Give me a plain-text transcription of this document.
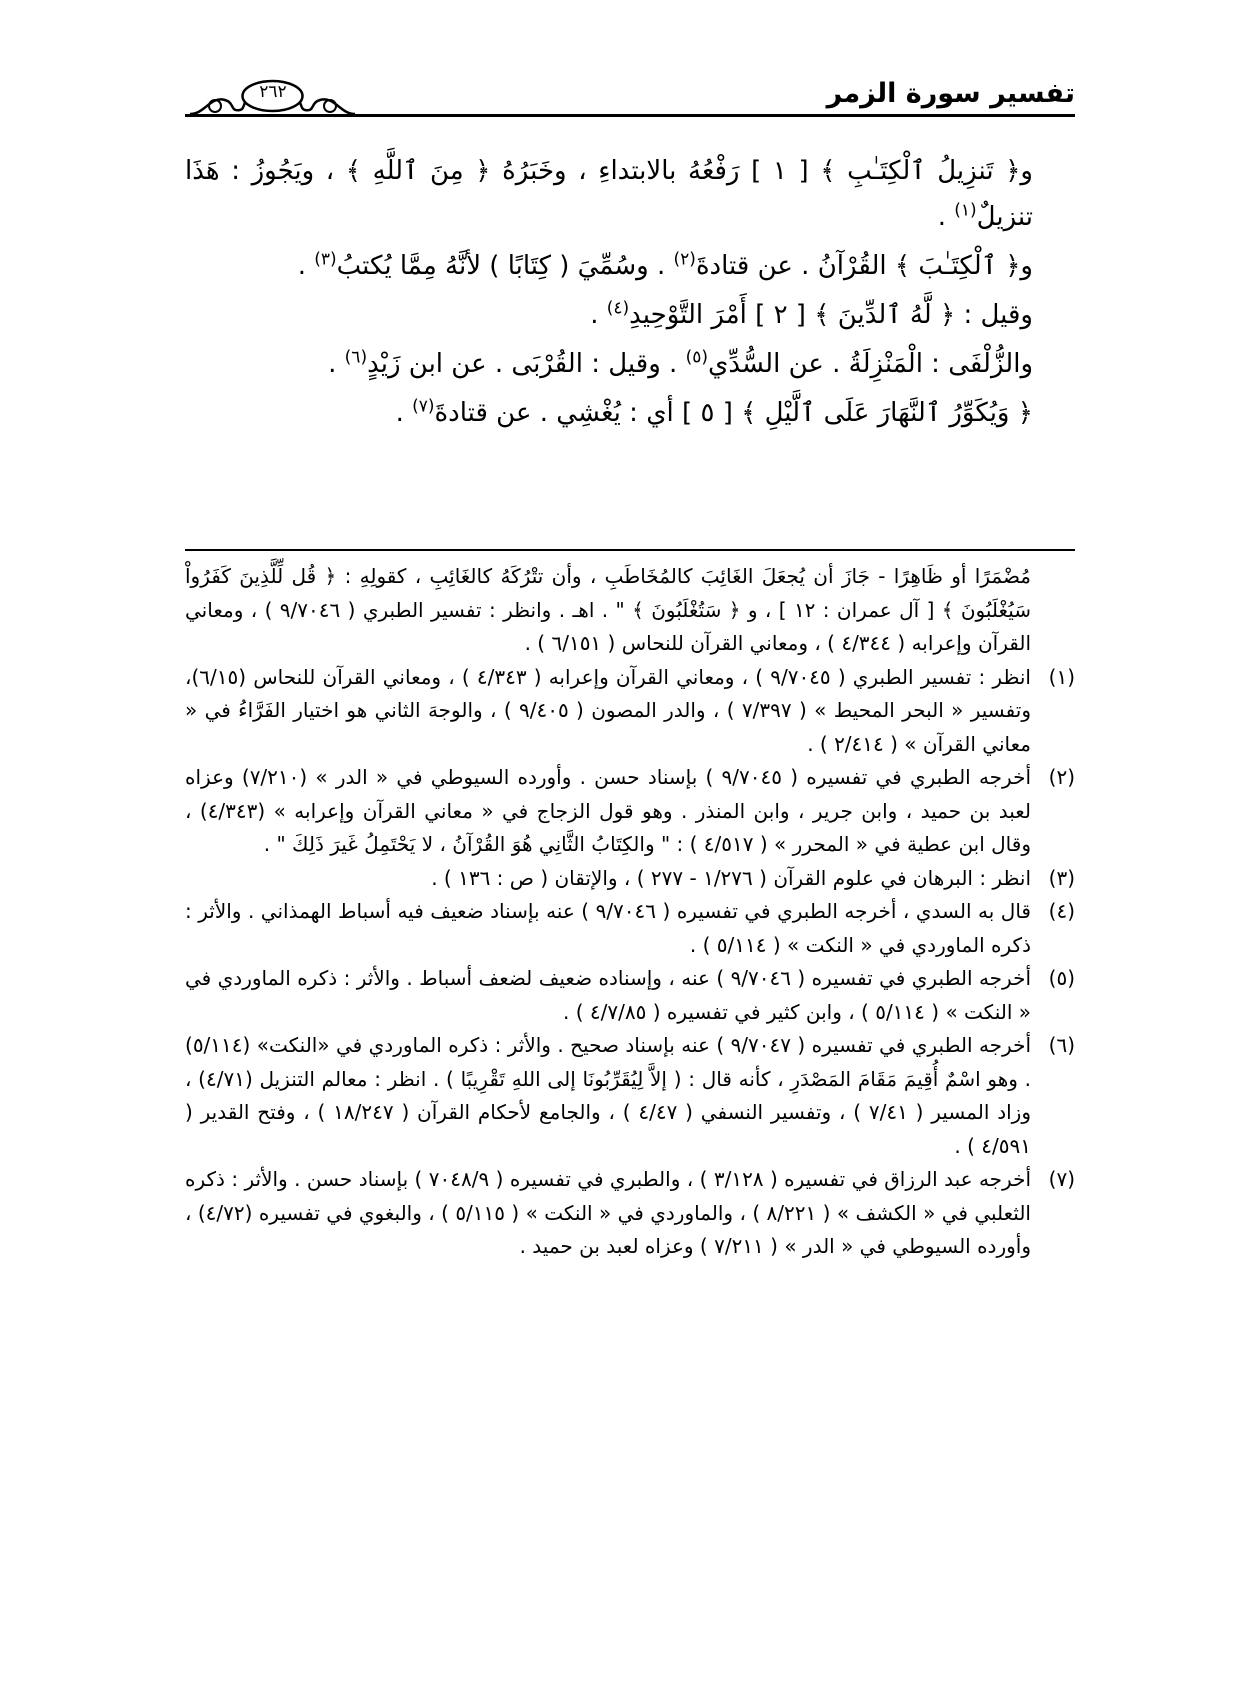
تفسير سورة الزمر
٢٦٢

و﴿ تَنزِيلُ ٱلْكِتَـٰبِ ﴾ [ ١ ] رَفْعُهُ بالابتداءِ ، وخَبَرُهُ ﴿ مِنَ ٱللَّهِ ﴾ ، ويَجُوزُ : هَذَا تنزيلٌ$^{(١)}$ .

و﴿ ٱلْكِتَـٰبَ ﴾ القُرْآنُ . عن قتادةَ$^{(٢)}$ . وسُمِّيَ ( كِتَابًا ) لأنَّهُ مِمَّا يُكتبُ$^{(٣)}$ .

وقيل : ﴿ لَّهُ ٱلدِّينَ ﴾ [ ٢ ] أَمْرَ التَّوْحِيدِ$^{(٤)}$ .

والزُّلْفَى : الْمَنْزِلَةُ . عن السُّدِّي$^{(٥)}$ . وقيل : القُرْبَى . عن ابن زَيْدٍ$^{(٦)}$ .

﴿ وَيُكَوِّرُ ٱلنَّهَارَ عَلَى ٱلَّيْلِ ﴾ [ ٥ ] أي : يُغْشِي . عن قتادةَ$^{(٧)}$ .

مُضْمَرًا أو ظَاهِرًا - جَازَ أن يُجعَلَ الغَائِبَ كالمُخَاطَبِ ، وأن تتْرُكَهُ كالغَائِبِ ، كقولِهِ : ﴿ قُل لِّلَّذِينَ كَفَرُواْ سَيُغْلَبُونَ ﴾ [ آل عمران : ١٢ ] ، و ﴿ سَتُغْلَبُونَ ﴾ " . اهـ . وانظر : تفسير الطبري ( ٩/٧٠٤٦ ) ، ومعاني القرآن وإعرابه ( ٤/٣٤٤ ) ، ومعاني القرآن للنحاس ( ٦/١٥١ ) .

(١)

انظر : تفسير الطبري ( ٩/٧٠٤٥ ) ، ومعاني القرآن وإعرابه ( ٤/٣٤٣ ) ، ومعاني القرآن للنحاس (٦/١٥)، وتفسير « البحر المحيط » ( ٧/٣٩٧ ) ، والدر المصون ( ٩/٤٠٥ ) ، والوجهَ الثاني هو اختيار الفَرَّاءُ في « معاني القرآن » ( ٢/٤١٤ ) .

(٢)

أخرجه الطبري في تفسيره ( ٩/٧٠٤٥ ) بإسناد حسن . وأورده السيوطي في « الدر » (٧/٢١٠) وعزاه لعبد بن حميد ، وابن جرير ، وابن المنذر . وهو قول الزجاج في « معاني القرآن وإعرابه » (٤/٣٤٣) ، وقال ابن عطية في « المحرر » ( ٤/٥١٧ ) : " والكِتَابُ الثَّانِي هُوَ القُرْآنُ ، لا يَحْتَمِلُ غَيرَ ذَلِكَ " .

(٣)

انظر : البرهان في علوم القرآن ( ١/٢٧٦ - ٢٧٧ ) ، والإتقان ( ص : ١٣٦ ) .

(٤)

قال به السدي ، أخرجه الطبري في تفسيره ( ٩/٧٠٤٦ ) عنه بإسناد ضعيف فيه أسباط الهمذاني . والأثر : ذكره الماوردي في « النكت » ( ٥/١١٤ ) .

(٥)

أخرجه الطبري في تفسيره ( ٩/٧٠٤٦ ) عنه ، وإسناده ضعيف لضعف أسباط . والأثر : ذكره الماوردي في « النكت » ( ٥/١١٤ ) ، وابن كثير في تفسيره ( ٤/٧/٨٥ ) .

(٦)

أخرجه الطبري في تفسيره ( ٩/٧٠٤٧ ) عنه بإسناد صحيح . والأثر : ذكره الماوردي في «النكت» (٥/١١٤) . وهو اسْمٌ أُقِيمَ مَقَامَ المَصْدَرِ ، كأنه قال : ( إلاَّ لِيُقَرِّبُونَا إلى اللهِ تَقْرِيبًا ) . انظر : معالم التنزيل (٤/٧١) ، وزاد المسير ( ٧/٤١ ) ، وتفسير النسفي ( ٤/٤٧ ) ، والجامع لأحكام القرآن ( ١٨/٢٤٧ ) ، وفتح القدير ( ٤/٥٩١ ) .

(٧)

أخرجه عبد الرزاق في تفسيره ( ٣/١٢٨ ) ، والطبري في تفسيره ( ٧٠٤٨/٩ ) بإسناد حسن . والأثر : ذكره الثعلبي في « الكشف » ( ٨/٢٢١ ) ، والماوردي في « النكت » ( ٥/١١٥ ) ، والبغوي في تفسيره (٤/٧٢) ، وأورده السيوطي في « الدر » ( ٧/٢١١ ) وعزاه لعبد بن حميد .
